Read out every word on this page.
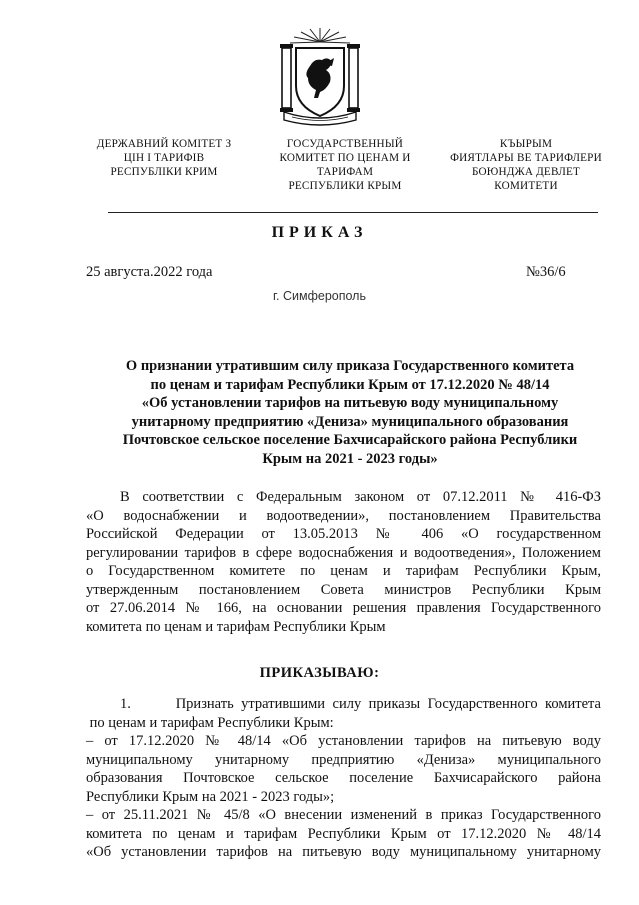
ДЕРЖАВНИЙ КОМІТЕТ З
ЦІН І ТАРИФІВ
РЕСПУБЛІКИ КРИМ
ГОСУДАРСТВЕННЫЙ
КОМИТЕТ ПО ЦЕНАМ И
ТАРИФАМ
РЕСПУБЛИКИ КРЫМ
КЪЫРЫМ
ФИЯТЛАРЫ ВЕ ТАРИФЛЕРИ
БОЮНДЖА ДЕВЛЕТ
КОМИТЕТИ
ПРИКАЗ
25 августа.2022 года	№36/6
г. Симферополь
О признании утратившим силу приказа Государственного комитета
по ценам и тарифам Республики Крым от 17.12.2020 № 48/14
«Об установлении тарифов на питьевую воду муниципальному
унитарному предприятию «Дениза» муниципального образования
Почтовское сельское поселение Бахчисарайского района Республики
Крым на 2021 - 2023 годы»
В соответствии с Федеральным законом от 07.12.2011 № 416-ФЗ
«О водоснабжении и водоотведении», постановлением Правительства
Российской Федерации от 13.05.2013 № 406 «О государственном
регулировании тарифов в сфере водоснабжения и водоотведения», Положением
о Государственном комитете по ценам и тарифам Республики Крым,
утвержденным постановлением Совета министров Республики Крым
от 27.06.2014 № 166, на основании решения правления Государственного
комитета по ценам и тарифам Республики Крым
ПРИКАЗЫВАЮ:
1.      Признать утратившими силу приказы Государственного комитета
по ценам и тарифам Республики Крым:
– от 17.12.2020 № 48/14 «Об установлении тарифов на питьевую воду
муниципальному унитарному предприятию «Дениза» муниципального
образования Почтовское сельское поселение Бахчисарайского района
Республики Крым на 2021 - 2023 годы»;
– от 25.11.2021 № 45/8 «О внесении изменений в приказ Государственного
комитета по ценам и тарифам Республики Крым от 17.12.2020 № 48/14
«Об установлении тарифов на питьевую воду муниципальному унитарному
